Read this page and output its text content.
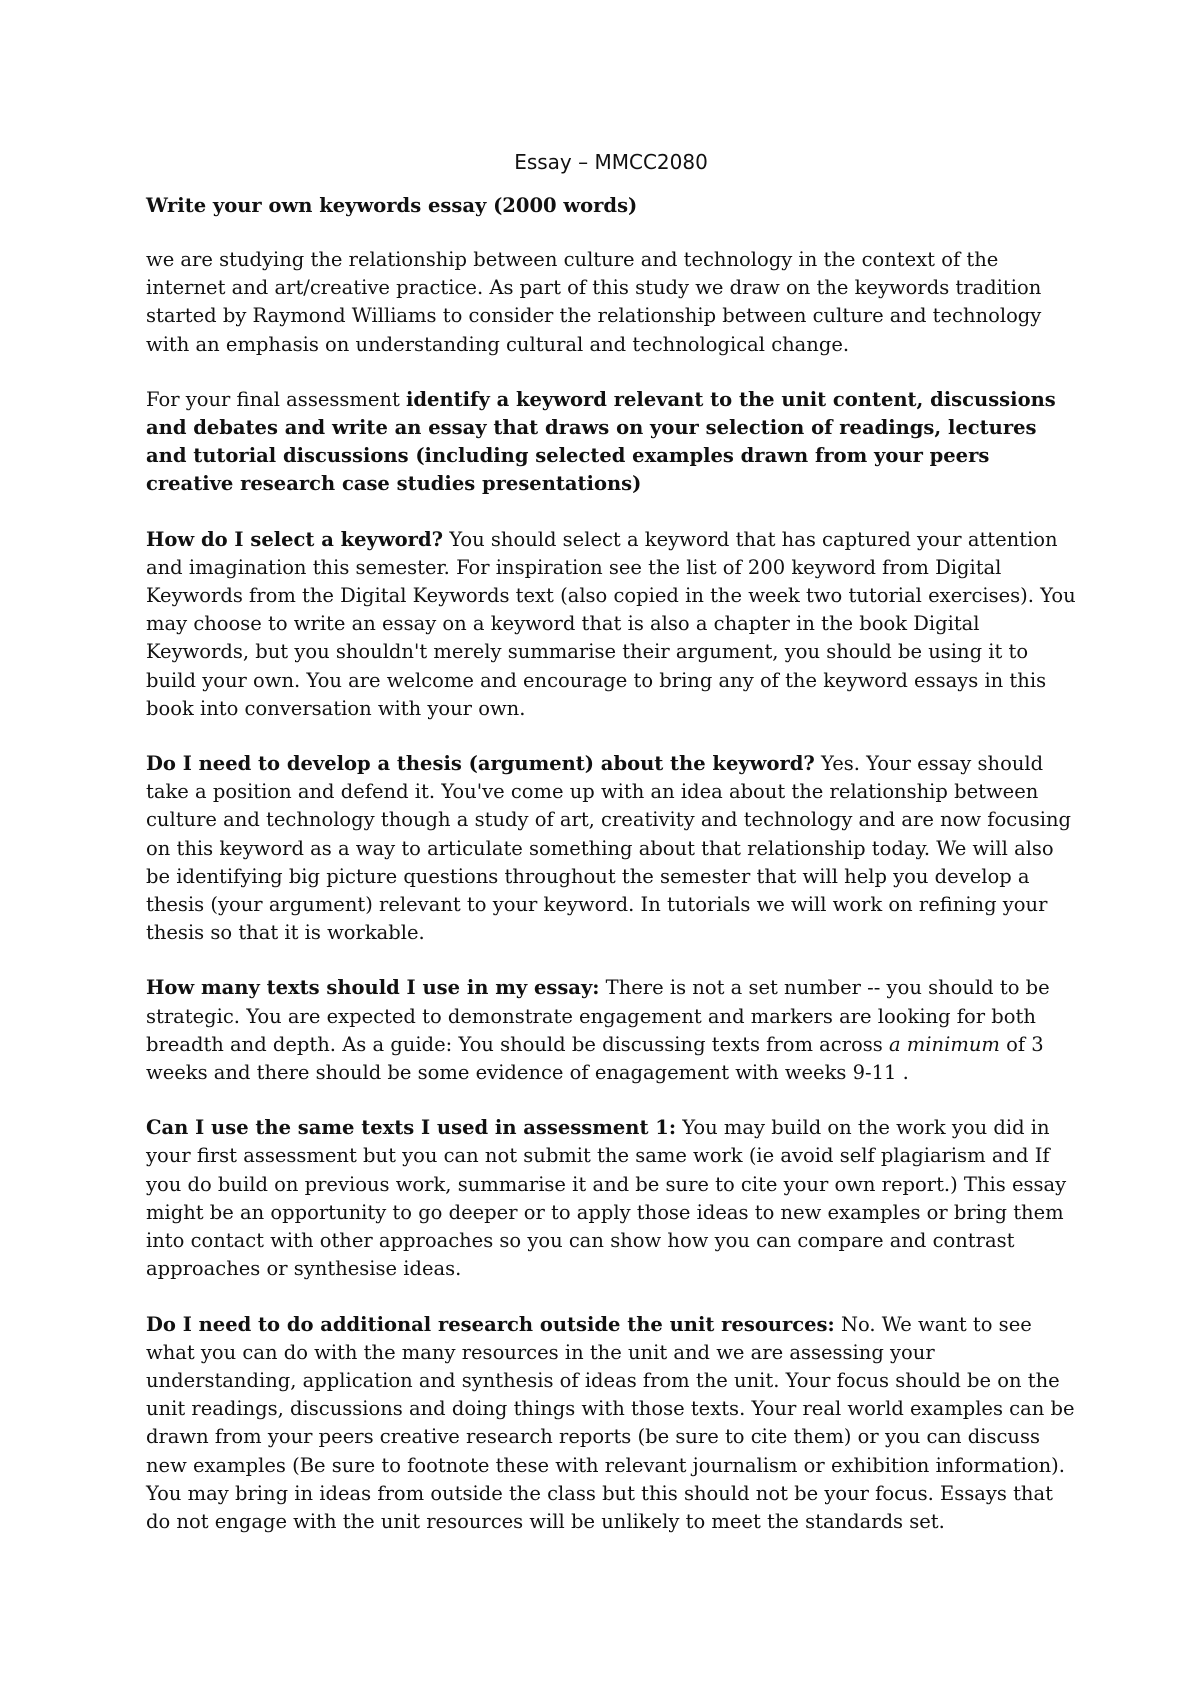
Essay – MMCC2080
Write your own keywords essay (2000 words)

we are studying the relationship between culture and technology in the context of the internet and art/creative practice. As part of this study we draw on the keywords tradition started by Raymond Williams to consider the relationship between culture and technology with an emphasis on understanding cultural and technological change.

For your final assessment identify a keyword relevant to the unit content, discussions and debates and write an essay that draws on your selection of readings, lectures and tutorial discussions (including selected examples drawn from your peers creative research case studies presentations)

How do I select a keyword? You should select a keyword that has captured your attention and imagination this semester. For inspiration see the list of 200 keyword from Digital Keywords from the Digital Keywords text (also copied in the week two tutorial exercises). You may choose to write an essay on a keyword that is also a chapter in the book Digital Keywords, but you shouldn't merely summarise their argument, you should be using it to build your own. You are welcome and encourage to bring any of the keyword essays in this book into conversation with your own.

Do I need to develop a thesis (argument) about the keyword? Yes. Your essay should take a position and defend it. You've come up with an idea about the relationship between culture and technology though a study of art, creativity and technology and are now focusing on this keyword as a way to articulate something about that relationship today. We will also be identifying big picture questions throughout the semester that will help you develop a thesis (your argument) relevant to your keyword. In tutorials we will work on refining your thesis so that it is workable.

How many texts should I use in my essay: There is not a set number -- you should to be strategic. You are expected to demonstrate engagement and markers are looking for both breadth and depth. As a guide: You should be discussing texts from across a minimum of 3 weeks and there should be some evidence of enagagement with weeks 9-11 .

Can I use the same texts I used in assessment 1: You may build on the work you did in your first assessment but you can not submit the same work (ie avoid self plagiarism and If you do build on previous work, summarise it and be sure to cite your own report.) This essay might be an opportunity to go deeper or to apply those ideas to new examples or bring them into contact with other approaches so you can show how you can compare and contrast approaches or synthesise ideas.

Do I need to do additional research outside the unit resources: No. We want to see what you can do with the many resources in the unit and we are assessing your understanding, application and synthesis of ideas from the unit. Your focus should be on the unit readings, discussions and doing things with those texts. Your real world examples can be drawn from your peers creative research reports (be sure to cite them) or you can discuss new examples (Be sure to footnote these with relevant journalism or exhibition information). You may bring in ideas from outside the class but this should not be your focus. Essays that do not engage with the unit resources will be unlikely to meet the standards set.
